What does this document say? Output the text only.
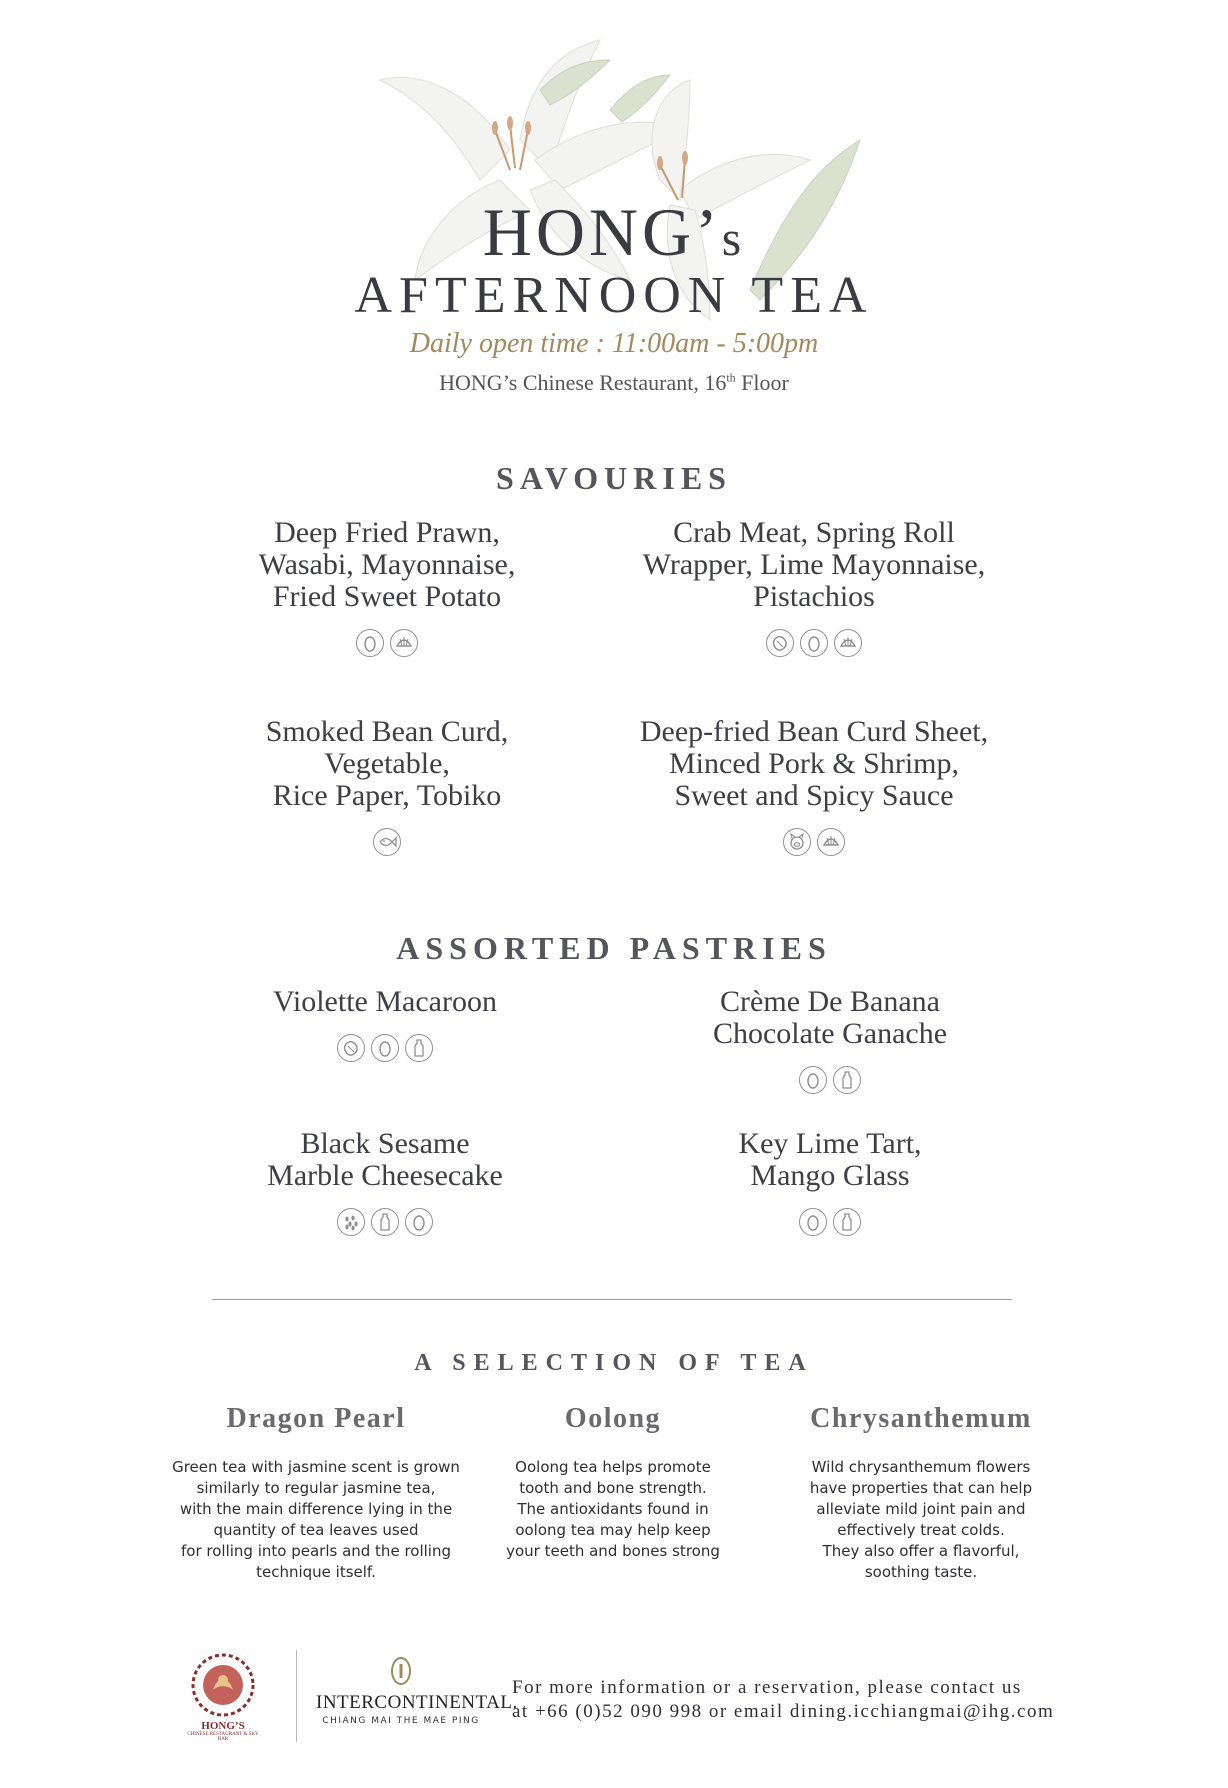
HONG’s
AFTERNOON TEA
Daily open time : 11:00am - 5:00pm
HONG’s Chinese Restaurant, 16th Floor
SAVOURIES
Deep Fried Prawn,
Wasabi, Mayonnaise,
Fried Sweet Potato
Crab Meat, Spring Roll
Wrapper, Lime Mayonnaise,
Pistachios
Smoked Bean Curd,
Vegetable,
Rice Paper, Tobiko
Deep-fried Bean Curd Sheet,
Minced Pork & Shrimp,
Sweet and Spicy Sauce
ASSORTED PASTRIES
Violette Macaroon	Crème De Banana
Chocolate Ganache
Black Sesame
Marble Cheesecake
Key Lime Tart,
Mango Glass
A SELECTION OF TEA
Dragon Pearl
Green tea with jasmine scent is grown
similarly to regular jasmine tea,
with the main difference lying in the
quantity of tea leaves used
for rolling into pearls and the rolling
technique itself.
Oolong
Oolong tea helps promote
tooth and bone strength.
The antioxidants found in
oolong tea may help keep
your teeth and bones strong
Chrysanthemum
Wild chrysanthemum flowers
have properties that can help
alleviate mild joint pain and
effectively treat colds.
They also offer a flavorful,
soothing taste.
HONG’S
CHINESE RESTAURANT & SKY BAR
INTERCONTINENTAL.
CHIANG MAI THE MAE PING
For more information or a reservation, please contact us
at +66 (0)52 090 998 or email dining.icchiangmai@ihg.com
